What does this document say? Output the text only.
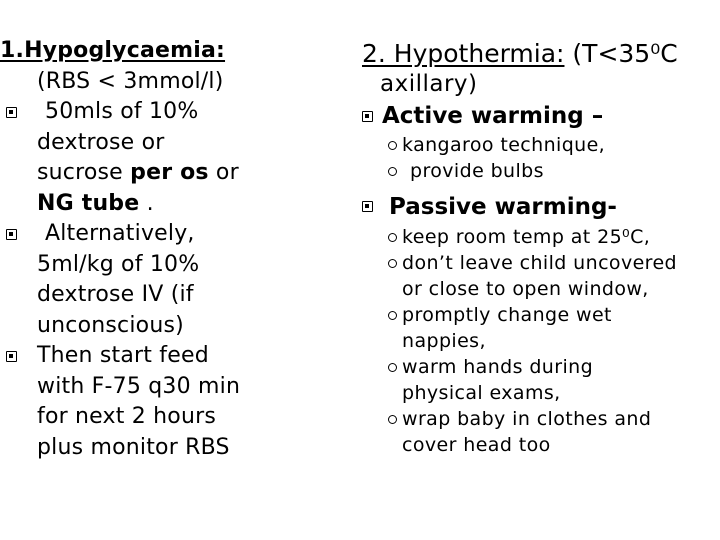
1.Hypoglycaemia:

(RBS < 3mmol/l)

50mls of 10%

dextrose or

sucrose per os or

NG tube .

Alternatively,

5ml/kg of 10%

dextrose IV (if

unconscious)

Then start feed

with F-75 q30 min

for next 2 hours

plus monitor RBS

2. Hypothermia: (T<35⁰C

axillary)

Active warming –

kangaroo technique,

provide bulbs

Passive warming-

keep room temp at 25⁰C,

don’t leave child uncovered

or close to open window,

promptly change wet

nappies,

warm hands during

physical exams,

wrap baby in clothes and

cover head too
